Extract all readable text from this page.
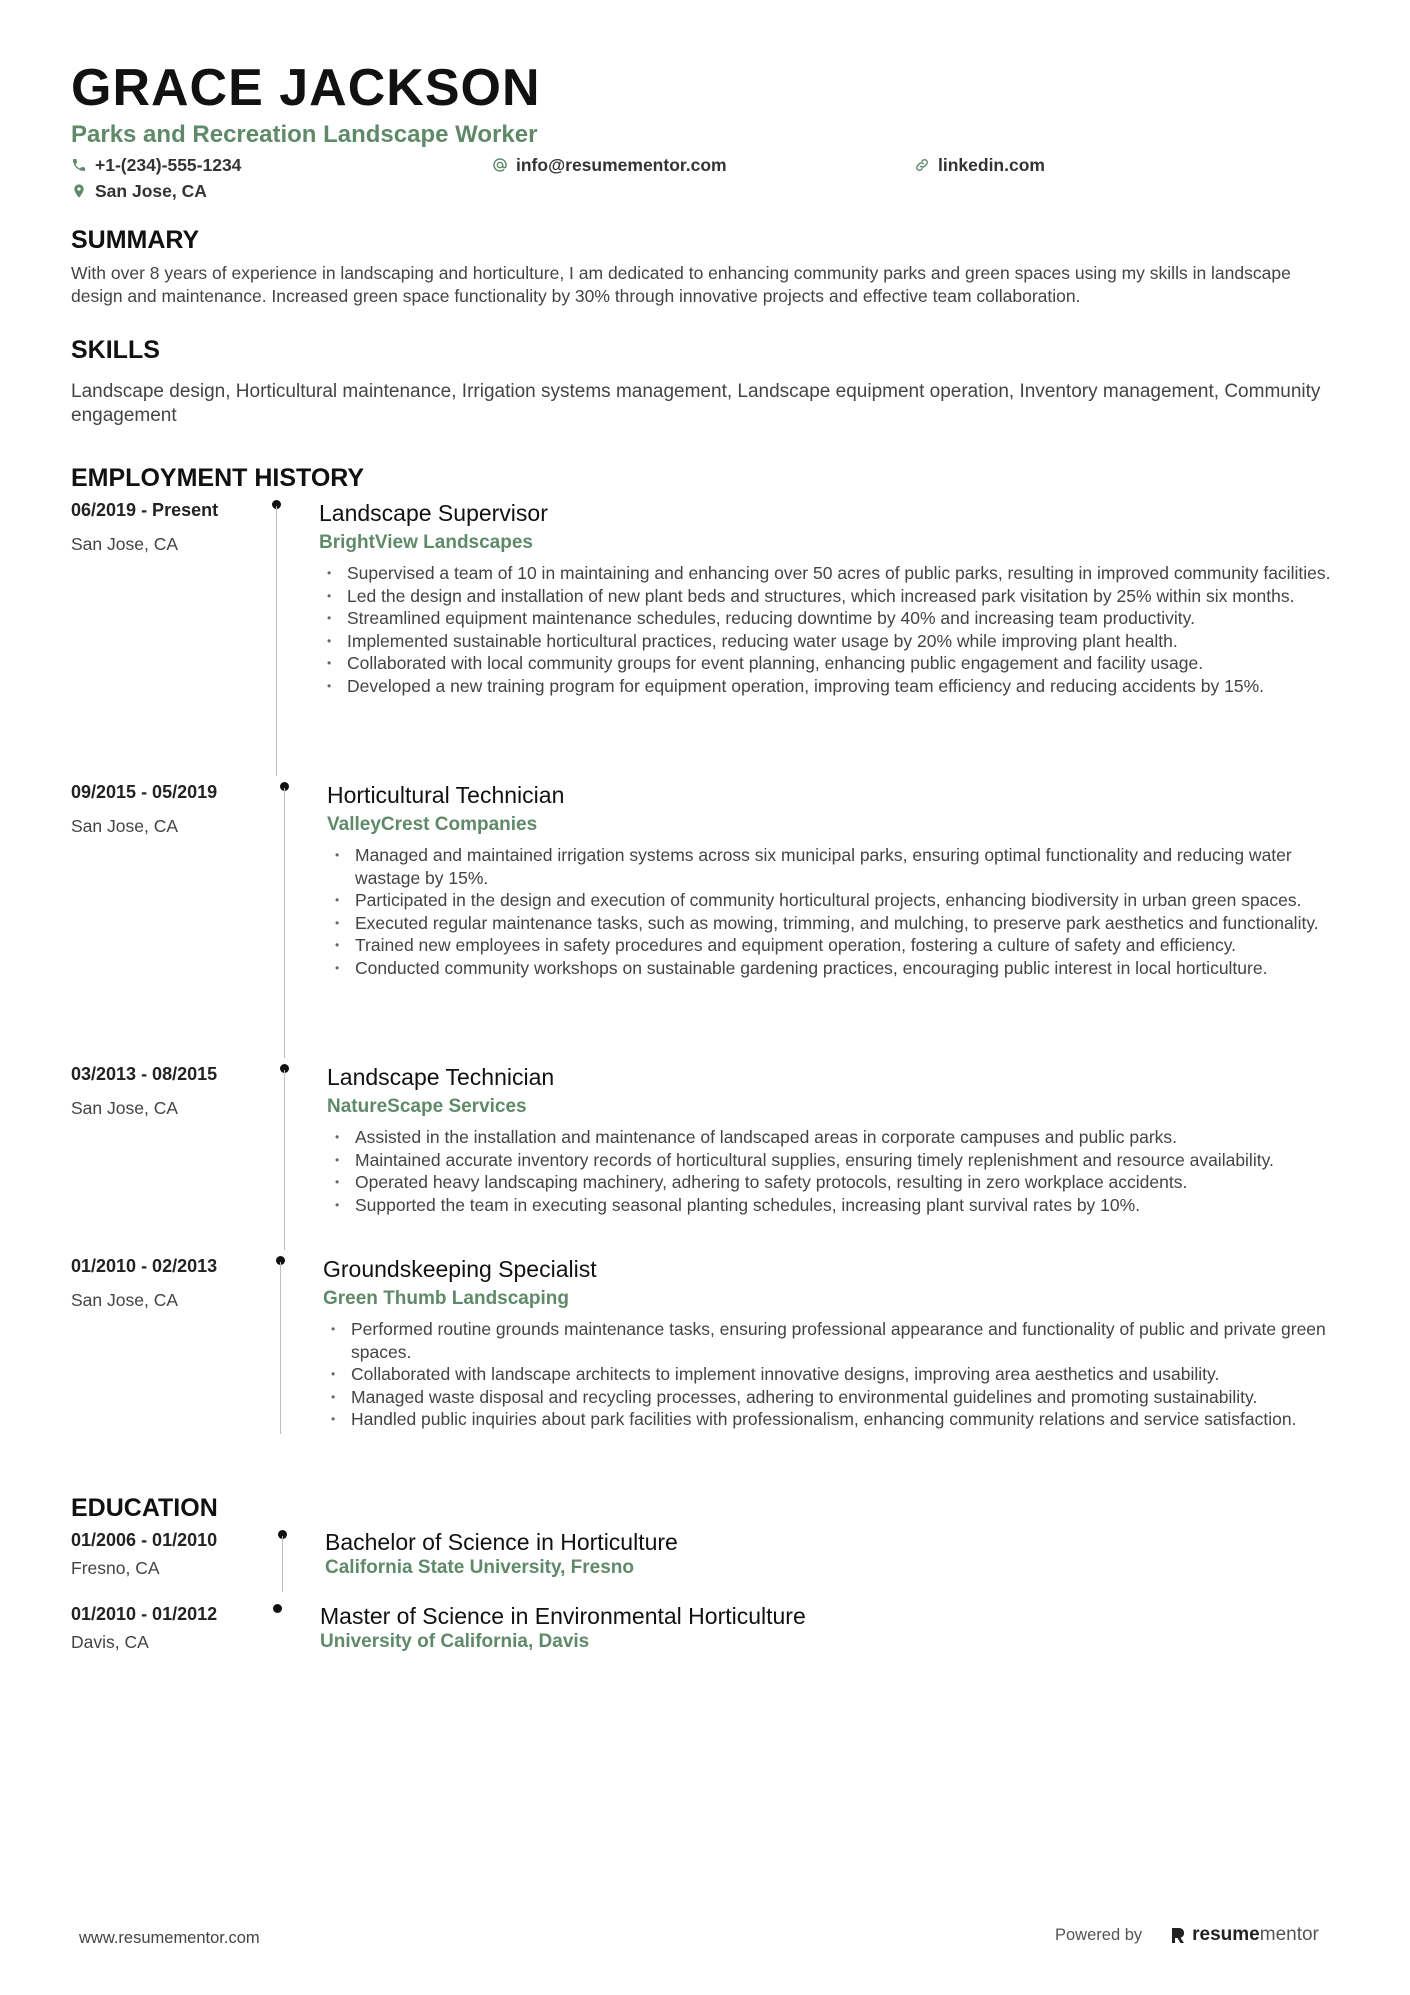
GRACE JACKSON
Parks and Recreation Landscape Worker
+1-(234)-555-1234	info@resumementor.com	linkedin.com
San Jose, CA
SUMMARY
With over 8 years of experience in landscaping and horticulture, I am dedicated to enhancing community parks and green spaces using my skills in landscape design and maintenance. Increased green space functionality by 30% through innovative projects and effective team collaboration.
SKILLS
Landscape design, Horticultural maintenance, Irrigation systems management, Landscape equipment operation, Inventory management, Community engagement
EMPLOYMENT HISTORY
06/2019 - Present
San Jose, CA
Landscape Supervisor
BrightView Landscapes
• Supervised a team of 10 in maintaining and enhancing over 50 acres of public parks, resulting in improved community facilities.
• Led the design and installation of new plant beds and structures, which increased park visitation by 25% within six months.
• Streamlined equipment maintenance schedules, reducing downtime by 40% and increasing team productivity.
• Implemented sustainable horticultural practices, reducing water usage by 20% while improving plant health.
• Collaborated with local community groups for event planning, enhancing public engagement and facility usage.
• Developed a new training program for equipment operation, improving team efficiency and reducing accidents by 15%.
09/2015 - 05/2019
San Jose, CA
Horticultural Technician
ValleyCrest Companies
• Managed and maintained irrigation systems across six municipal parks, ensuring optimal functionality and reducing water wastage by 15%.
• Participated in the design and execution of community horticultural projects, enhancing biodiversity in urban green spaces.
• Executed regular maintenance tasks, such as mowing, trimming, and mulching, to preserve park aesthetics and functionality.
• Trained new employees in safety procedures and equipment operation, fostering a culture of safety and efficiency.
• Conducted community workshops on sustainable gardening practices, encouraging public interest in local horticulture.
03/2013 - 08/2015
San Jose, CA
Landscape Technician
NatureScape Services
• Assisted in the installation and maintenance of landscaped areas in corporate campuses and public parks.
• Maintained accurate inventory records of horticultural supplies, ensuring timely replenishment and resource availability.
• Operated heavy landscaping machinery, adhering to safety protocols, resulting in zero workplace accidents.
• Supported the team in executing seasonal planting schedules, increasing plant survival rates by 10%.
01/2010 - 02/2013
San Jose, CA
Groundskeeping Specialist
Green Thumb Landscaping
• Performed routine grounds maintenance tasks, ensuring professional appearance and functionality of public and private green spaces.
• Collaborated with landscape architects to implement innovative designs, improving area aesthetics and usability.
• Managed waste disposal and recycling processes, adhering to environmental guidelines and promoting sustainability.
• Handled public inquiries about park facilities with professionalism, enhancing community relations and service satisfaction.
EDUCATION
01/2006 - 01/2010
Fresno, CA
Bachelor of Science in Horticulture
California State University, Fresno
01/2010 - 01/2012
Davis, CA
Master of Science in Environmental Horticulture
University of California, Davis
www.resumementor.com	Powered by	resumementor
